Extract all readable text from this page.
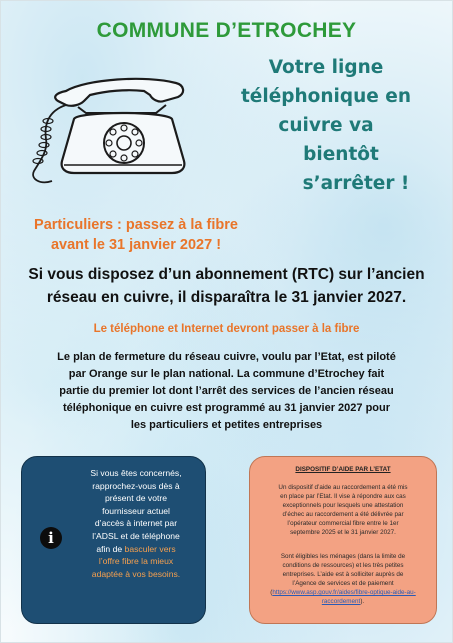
COMMUNE D’ETROCHEY
Votre ligne
téléphonique en
cuivre va
bientôt
s’arrêter !
Particuliers : passez à la fibre
avant le 31 janvier 2027 !
Si vous disposez d’un abonnement (RTC) sur l’ancien
réseau en cuivre, il disparaîtra le 31 janvier 2027.
Le téléphone et Internet devront passer à la fibre
Le plan de fermeture du réseau cuivre, voulu par l’Etat, est piloté
par Orange sur le plan national. La commune d’Etrochey fait
partie du premier lot dont l’arrêt des services de l’ancien réseau
téléphonique en cuivre est programmé au 31 janvier 2027 pour
les particuliers et petites entreprises
i
Si vous êtes concernés,
rapprochez-vous dès à
présent de votre
fournisseur actuel
d’accès à internet par
l’ADSL et de téléphone
afin de basculer vers
l’offre fibre la mieux
adaptée à vos besoins.
DISPOSITIF D’AIDE PAR L’ETAT
Un dispositif d’aide au raccordement a été mis
en place par l’Etat. Il vise à répondre aux cas
exceptionnels pour lesquels une attestation
d’échec au raccordement a été délivrée par
l’opérateur commercial fibre entre le 1er
septembre 2025 et le 31 janvier 2027.
Sont éligibles les ménages (dans la limite de
conditions de ressources) et les très petites
entreprises. L’aide est à solliciter auprès de
l’Agence de services et de paiement
(https://www.asp.gouv.fr/aides/fibre-optique-aide-au-raccordement).
